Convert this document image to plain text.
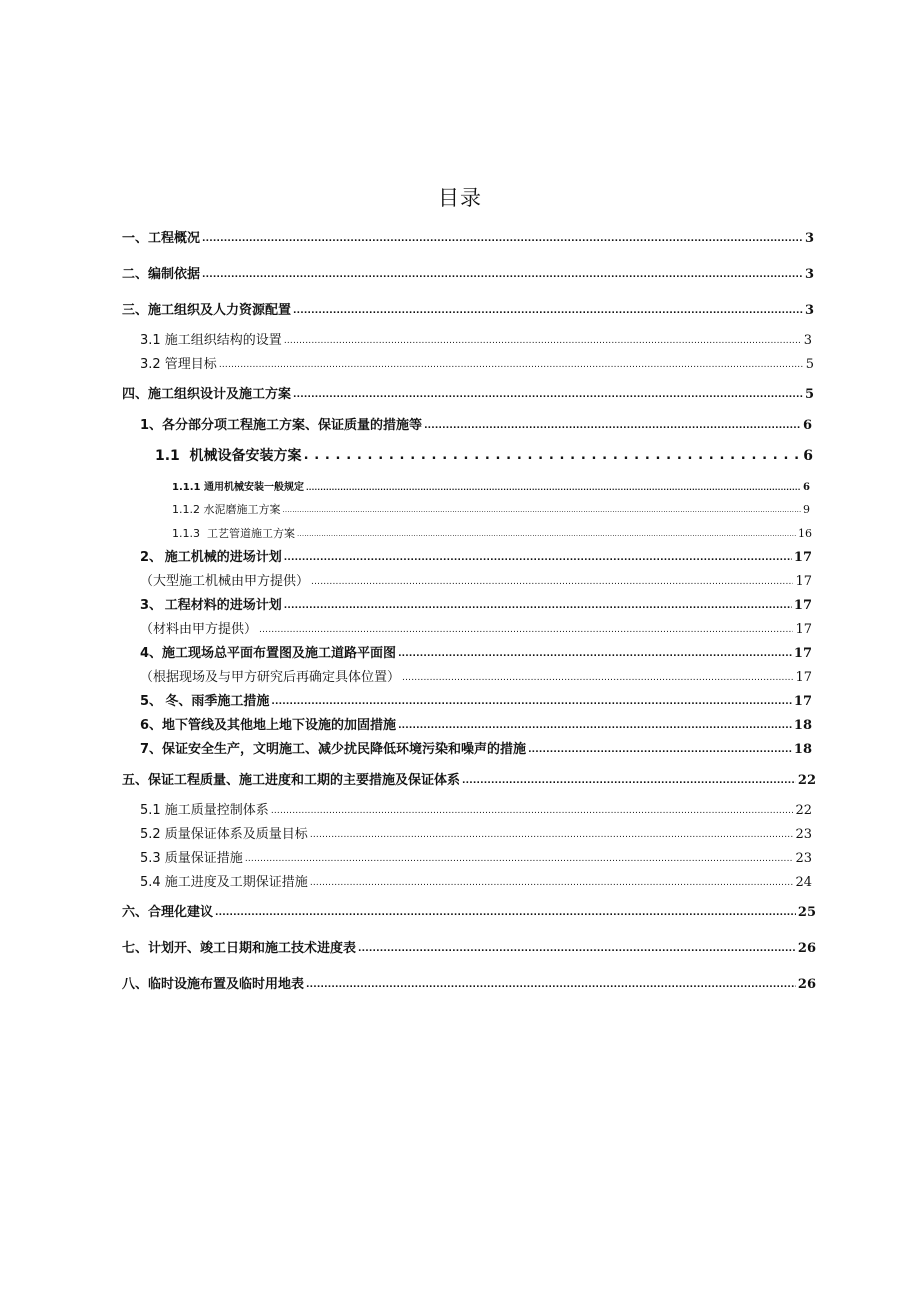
目录
一、工程概况 .....	3
二、编制依据 .....	3
三、施工组织及人力资源配置 .....	3
3.1 施工组织结构的设置 .....	3
3.2 管理目标 .....	5
四、施工组织设计及施工方案 .....	5
1、 各分部分项工程施工方案、保证质量的措施等 .....	6
1.1  机械设备安装方案 . . .	6
1.1.1 通用机械安装一般规定 .....	6
1.1.2 水泥磨施工方案 .....	9
1.1.3  工艺管道施工方案 .....	16
2、 施工机械的进场计划 .....	17
（大型施工机械由甲方提供） .....	17
3、 工程材料的进场计划 .....	17
（材料由甲方提供） .....	17
4、 施工现场总平面布置图及施工道路平面图 .....	17
（根据现场及与甲方研究后再确定具体位置） .....	17
5、 冬、雨季施工措施 .....	17
6、 地下管线及其他地上地下设施的加固措施 .....	18
7、 保证安全生产，文明施工、减少扰民降低环境污染和噪声的措施 .....	18
五、保证工程质量、施工进度和工期的主要措施及保证体系 .....	22
5.1 施工质量控制体系 .....	22
5.2 质量保证体系及质量目标 .....	23
5.3 质量保证措施 .....	23
5.4 施工进度及工期保证措施 .....	24
六、合理化建议 .....	25
七、计划开、竣工日期和施工技术进度表 .....	26
八、临时设施布置及临时用地表 .....	26
